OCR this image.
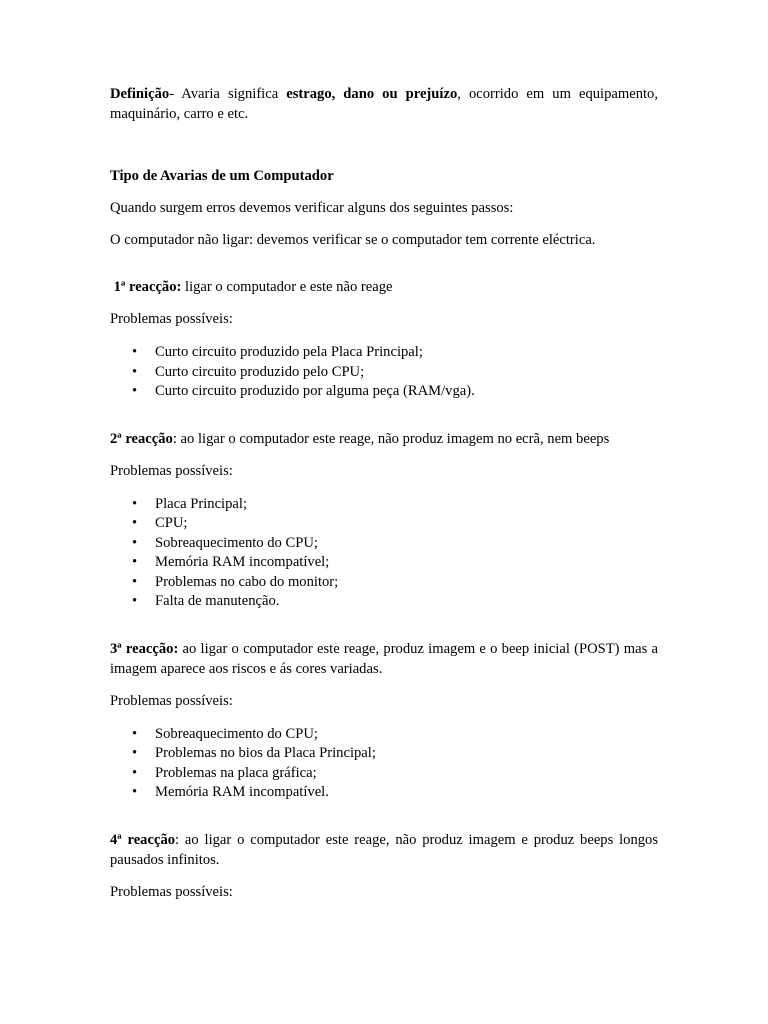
Definição- Avaria significa estrago, dano ou prejuízo, ocorrido em um equipamento, maquinário, carro e etc.

Tipo de Avarias de um Computador

Quando surgem erros devemos verificar alguns dos seguintes passos:

O computador não ligar: devemos verificar se o computador tem corrente eléctrica.

1ª reacção: ligar o computador e este não reage

Problemas possíveis:

• Curto circuito produzido pela Placa Principal;
• Curto circuito produzido pelo CPU;
• Curto circuito produzido por alguma peça (RAM/vga).

2ª reacção: ao ligar o computador este reage, não produz imagem no ecrã, nem beeps

Problemas possíveis:

• Placa Principal;
• CPU;
• Sobreaquecimento do CPU;
• Memória RAM incompatível;
• Problemas no cabo do monitor;
• Falta de manutenção.

3ª reacção: ao ligar o computador este reage, produz imagem e o beep inicial (POST) mas a imagem aparece aos riscos e ás cores variadas.

Problemas possíveis:

• Sobreaquecimento do CPU;
• Problemas no bios da Placa Principal;
• Problemas na placa gráfica;
• Memória RAM incompatível.

4ª reacção: ao ligar o computador este reage, não produz imagem e produz beeps longos pausados infinitos.

Problemas possíveis:
